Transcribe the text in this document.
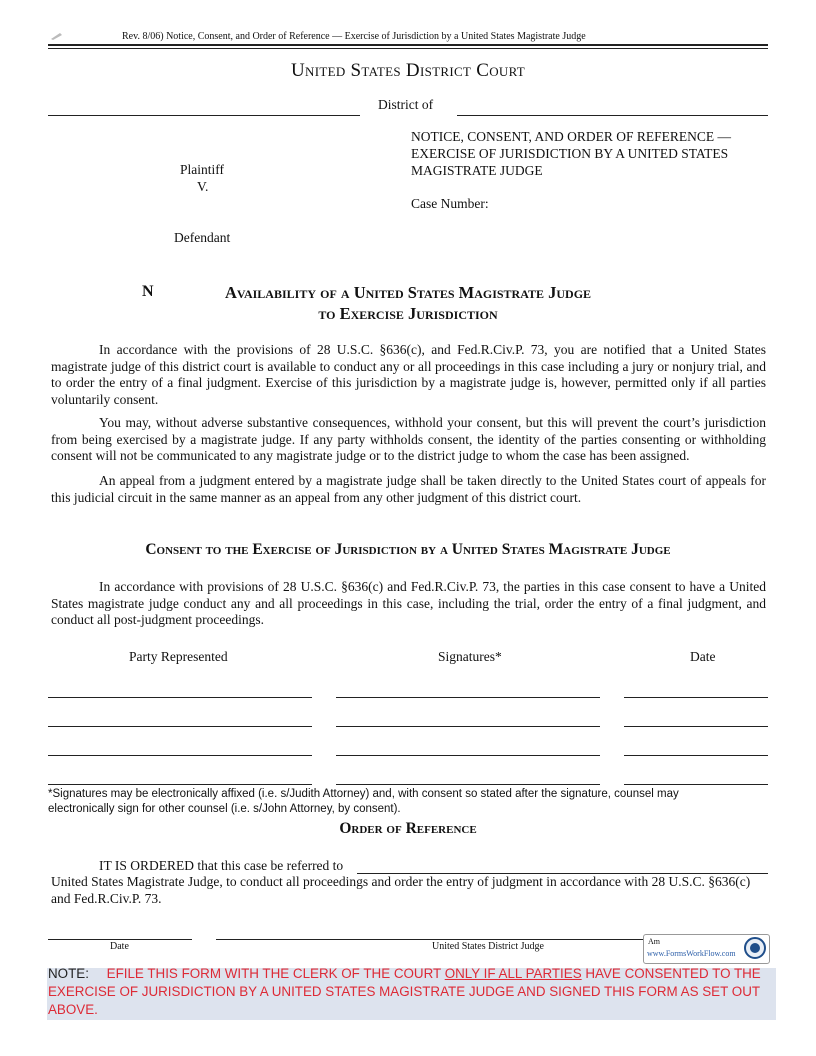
Rev. 8/06) Notice, Consent, and Order of Reference — Exercise of Jurisdiction by a United States Magistrate Judge
United States District Court
District of
NOTICE, CONSENT, AND ORDER OF REFERENCE —
EXERCISE OF JURISDICTION BY A UNITED STATES
MAGISTRATE JUDGE
Plaintiff
V.
Case Number:
Defendant
N	Availability of a United States Magistrate Judge
to Exercise Jurisdiction
In accordance with the provisions of 28 U.S.C. §636(c), and Fed.R.Civ.P. 73, you are notified that a United States magistrate judge of this district court is available to conduct any or all proceedings in this case including a jury or nonjury trial, and to order the entry of a final judgment. Exercise of this jurisdiction by a magistrate judge is, however, permitted only if all parties voluntarily consent.
You may, without adverse substantive consequences, withhold your consent, but this will prevent the court’s jurisdiction from being exercised by a magistrate judge. If any party withholds consent, the identity of the parties consenting or withholding consent will not be communicated to any magistrate judge or to the district judge to whom the case has been assigned.
An appeal from a judgment entered by a magistrate judge shall be taken directly to the United States court of appeals for this judicial circuit in the same manner as an appeal from any other judgment of this district court.
Consent to the Exercise of Jurisdiction by a United States Magistrate Judge
In accordance with provisions of 28 U.S.C. §636(c) and Fed.R.Civ.P. 73, the parties in this case consent to have a United States magistrate judge conduct any and all proceedings in this case, including the trial, order the entry of a final judgment, and conduct all post-judgment proceedings.
Party Represented	Signatures*	Date
*Signatures may be electronically affixed (i.e. s/Judith Attorney) and, with consent so stated after the signature, counsel may electronically sign for other counsel (i.e. s/John Attorney, by consent).
Order of Reference
IT IS ORDERED that this case be referred to
United States Magistrate Judge, to conduct all proceedings and order the entry of judgment in accordance with 28 U.S.C. §636(c) and Fed.R.Civ.P. 73.
Date	United States District Judge	Am
www.FormsWorkFlow.com
NOTE: EFILE THIS FORM WITH THE CLERK OF THE COURT ONLY IF ALL PARTIES HAVE CONSENTED TO THE EXERCISE OF JURISDICTION BY A UNITED STATES MAGISTRATE JUDGE AND SIGNED THIS FORM AS SET OUT ABOVE.
